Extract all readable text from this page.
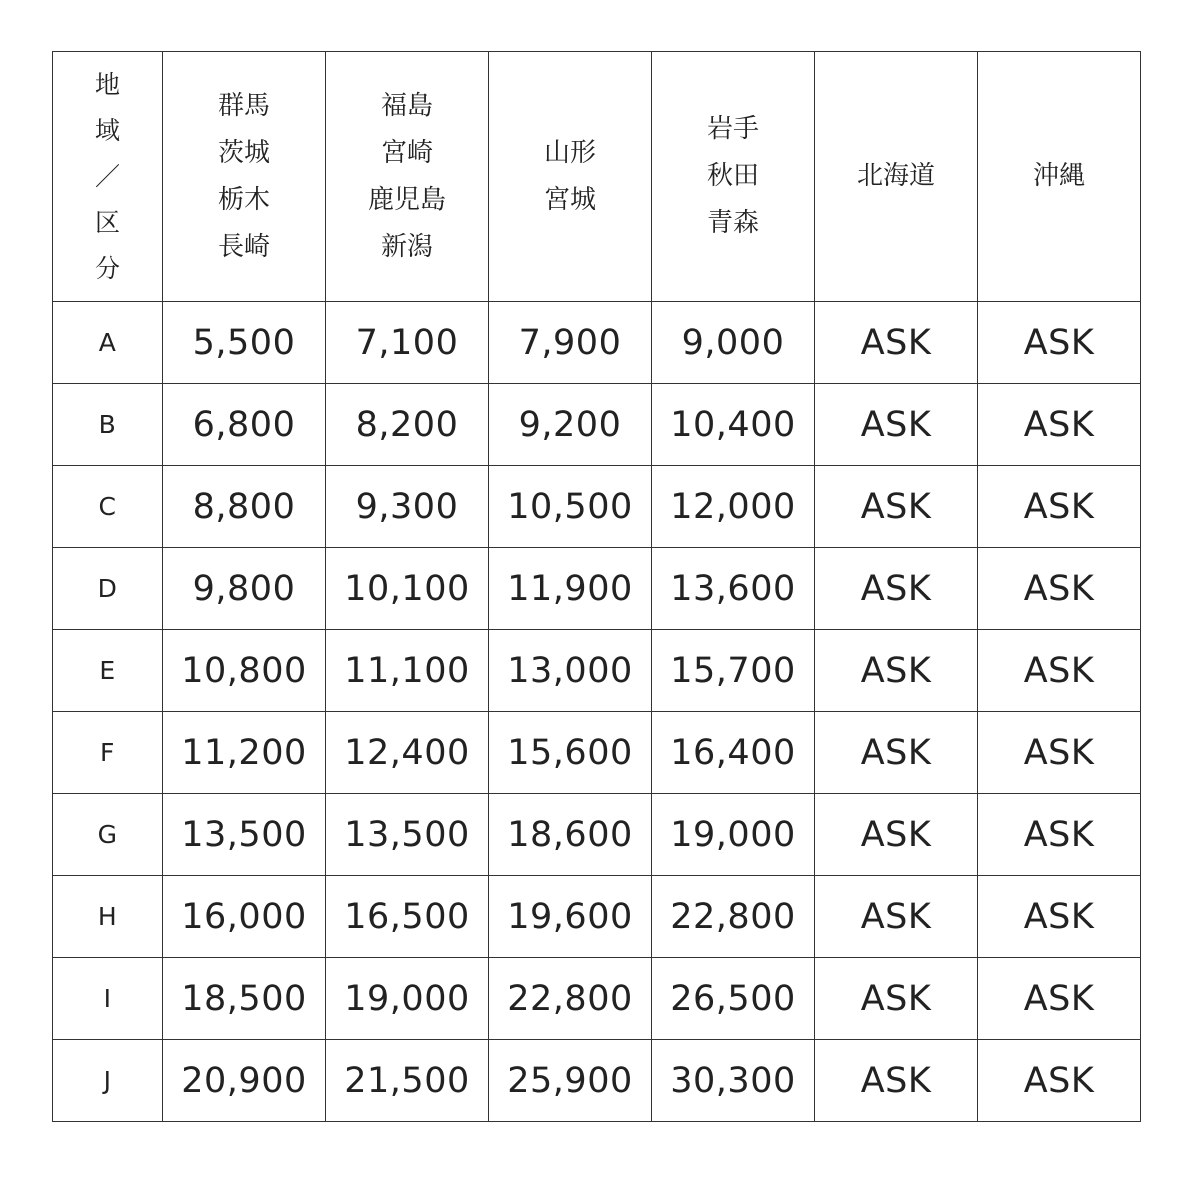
地
域
／
区
分	群馬
茨城
栃木
長崎	福島
宮崎
鹿児島
新潟	山形
宮城	岩手
秋田
青森	北海道	沖縄

A	5,500	7,100	7,900	9,000	ASK	ASK
B	6,800	8,200	9,200	10,400	ASK	ASK
C	8,800	9,300	10,500	12,000	ASK	ASK
D	9,800	10,100	11,900	13,600	ASK	ASK
E	10,800	11,100	13,000	15,700	ASK	ASK
F	11,200	12,400	15,600	16,400	ASK	ASK
G	13,500	13,500	18,600	19,000	ASK	ASK
H	16,000	16,500	19,600	22,800	ASK	ASK
I	18,500	19,000	22,800	26,500	ASK	ASK
J	20,900	21,500	25,900	30,300	ASK	ASK
